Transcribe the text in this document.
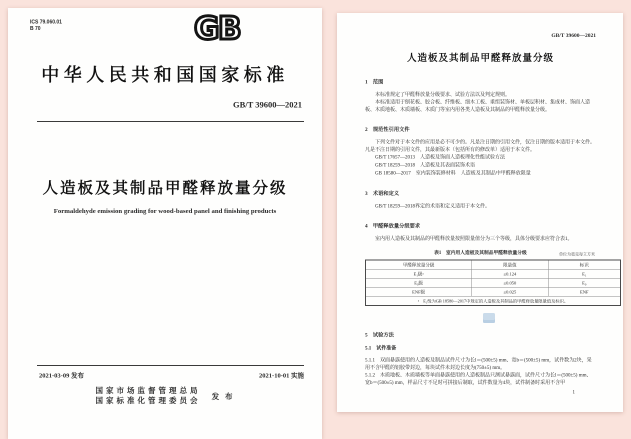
ICS 79.060.01
B 70	GB
中华人民共和国国家标准
GB/T 39600—2021
人造板及其制品甲醛释放量分级
Formaldehyde emission grading for wood-based panel and finishing products
2021-03-09 发布	2021-10-01 实施
国家市场监督管理总局
国家标准化管理委员会
发 布
GB/T 39600—2021
人造板及其制品甲醛释放量分级
1　范围

本标准规定了甲醛释放量分级要求、试验方法以及判定规则。

本标准适用于刨花板、胶合板、纤维板、细木工板、重组装饰材、单板层积材、集成材、饰面人造板、木质地板、木质墙板、木质门等室内用各类人造板及其制品的甲醛释放量分级。

2　规范性引用文件

下列文件对于本文件的应用是必不可少的。凡是注日期的引用文件，仅注日期的版本适用于本文件。凡是不注日期的引用文件，其最新版本（包括所有的修改单）适用于本文件。

GB/T 17657—2013　人造板及饰面人造板理化性能试验方法
GB/T 18259—2018　人造板及其表面装饰术语
GB 18580—2017　室内装饰装修材料　人造板及其制品中甲醛释放限量
3　术语和定义

GB/T 18259—2018界定的术语和定义适用于本文件。

4　甲醛释放量分级要求

室内用人造板及其制品的甲醛释放量按照限量值分为三个等级，具体分级要求应符合表1。

表1　室内用人造板及其制品甲醛释放量分级	单位为毫克每立方米
甲醛释放量分级	限量值	标识
E₁级ᵃ	≤0.124	E₁
E₀级	≤0.050	E₀
ENF级	≤0.025	ENF
ᵃ　E₁级为GB 18580—2017中规定的人造板及其制品的甲醛释放量限量值及标识。		
5　试验方法
5.1　试件准备

5.1.1　双面暴露使用的人造板及制品试件尺寸为长l＝(500±5) mm、宽b＝(500±5) mm，试件数为2块，采用不含甲醛的铝胶带封边，每块试件未封边长度为(750±5) mm。

5.1.2　木质地板、木质墙板等单面暴露使用的人造板制品只测试暴露面，试件尺寸为长l＝(500±5) mm、宽b＝(500±5) mm，样品尺寸不足时可拼接后制取，试件数量为4块，试件制备时采用不含甲

1
